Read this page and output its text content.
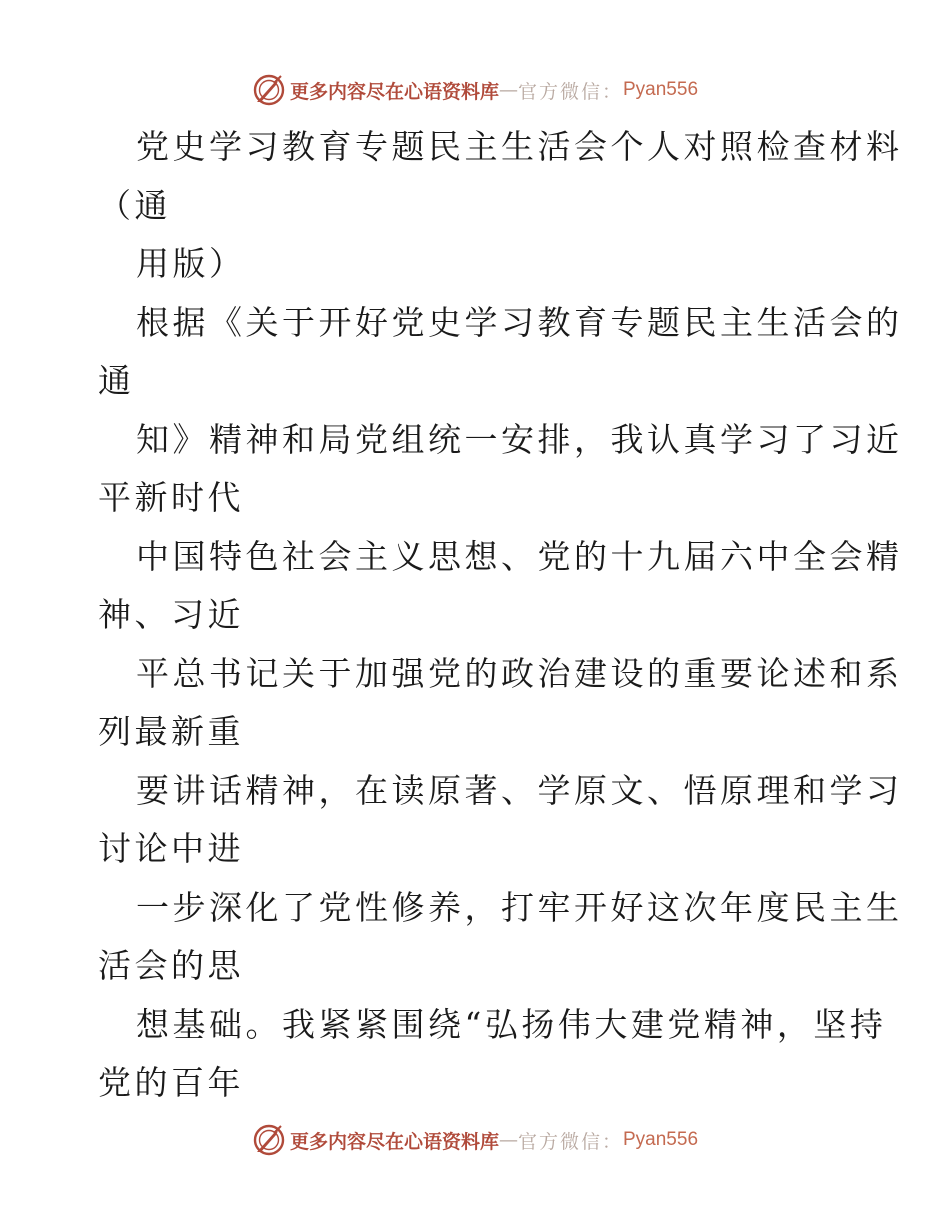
更多内容尽在心语资料库 — 官方微信： Pyan556
党史学习教育专题民主生活会个人对照检查材料
（通
用版）
根据《关于开好党史学习教育专题民主生活会的
通
知》精神和局党组统一安排，我认真学习了习近
平新时代
中国特色社会主义思想、党的十九届六中全会精
神、习近
平总书记关于加强党的政治建设的重要论述和系
列最新重
要讲话精神，在读原著、学原文、悟原理和学习
讨论中进
一步深化了党性修养，打牢开好这次年度民主生
活会的思
想基础。我紧紧围绕“弘扬伟大建党精神，坚持
党的百年
更多内容尽在心语资料库 — 官方微信： Pyan556
